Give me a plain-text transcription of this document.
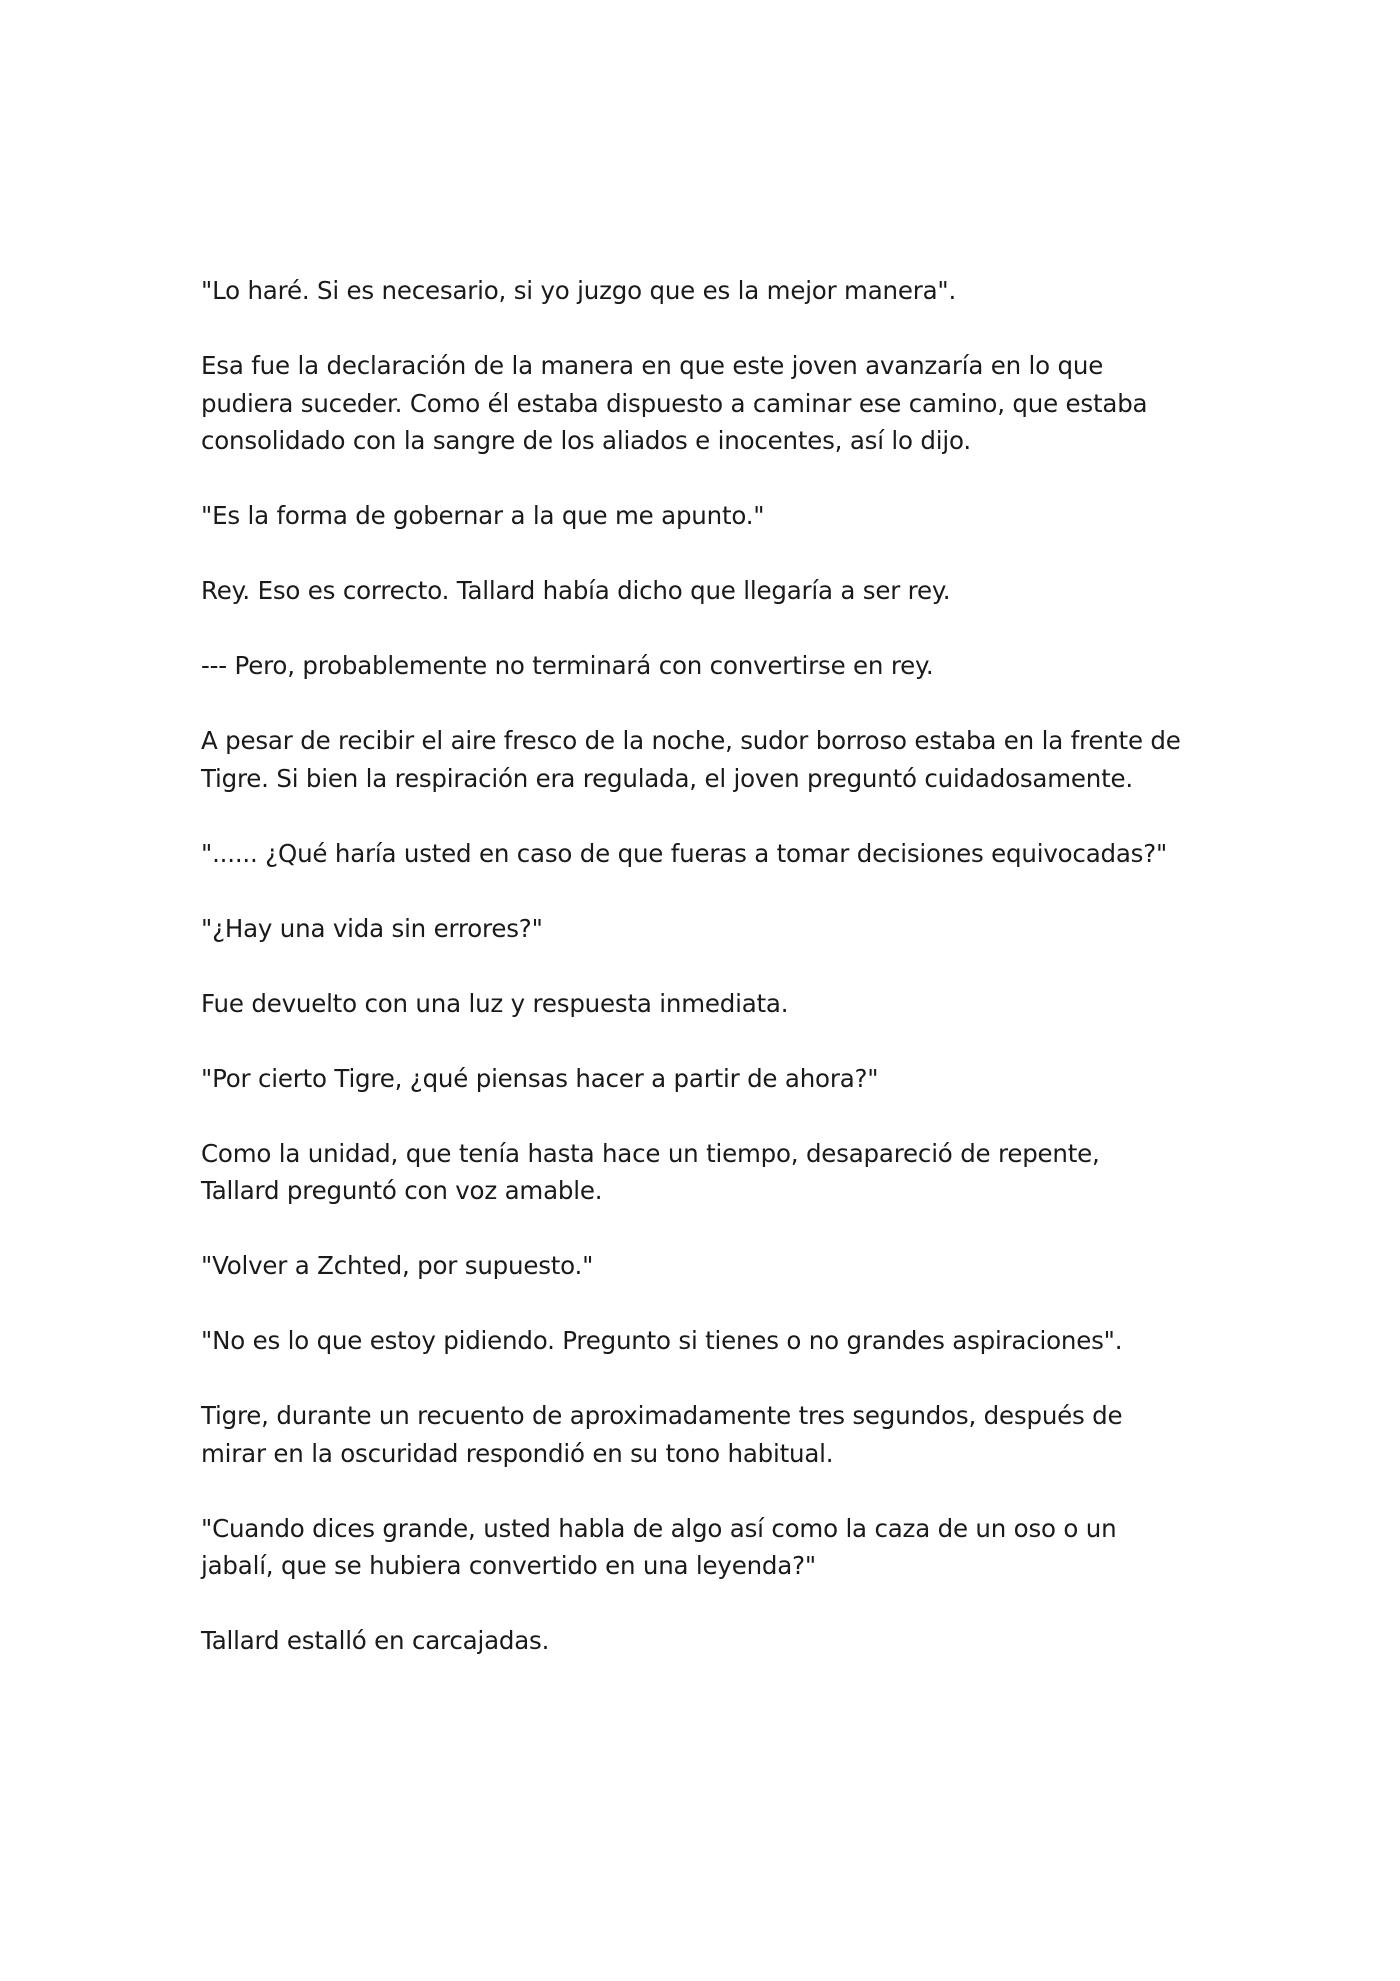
"Lo haré. Si es necesario, si yo juzgo que es la mejor manera".

Esa fue la declaración de la manera en que este joven avanzaría en lo que
pudiera suceder. Como él estaba dispuesto a caminar ese camino, que estaba
consolidado con la sangre de los aliados e inocentes, así lo dijo.

"Es la forma de gobernar a la que me apunto."

Rey. Eso es correcto. Tallard había dicho que llegaría a ser rey.

--- Pero, probablemente no terminará con convertirse en rey.

A pesar de recibir el aire fresco de la noche, sudor borroso estaba en la frente de
Tigre. Si bien la respiración era regulada, el joven preguntó cuidadosamente.

"...... ¿Qué haría usted en caso de que fueras a tomar decisiones equivocadas?"

"¿Hay una vida sin errores?"

Fue devuelto con una luz y respuesta inmediata.

"Por cierto Tigre, ¿qué piensas hacer a partir de ahora?"

Como la unidad, que tenía hasta hace un tiempo, desapareció de repente,
Tallard preguntó con voz amable.

"Volver a Zchted, por supuesto."

"No es lo que estoy pidiendo. Pregunto si tienes o no grandes aspiraciones".

Tigre, durante un recuento de aproximadamente tres segundos, después de
mirar en la oscuridad respondió en su tono habitual.

"Cuando dices grande, usted habla de algo así como la caza de un oso o un
jabalí, que se hubiera convertido en una leyenda?"

Tallard estalló en carcajadas.
